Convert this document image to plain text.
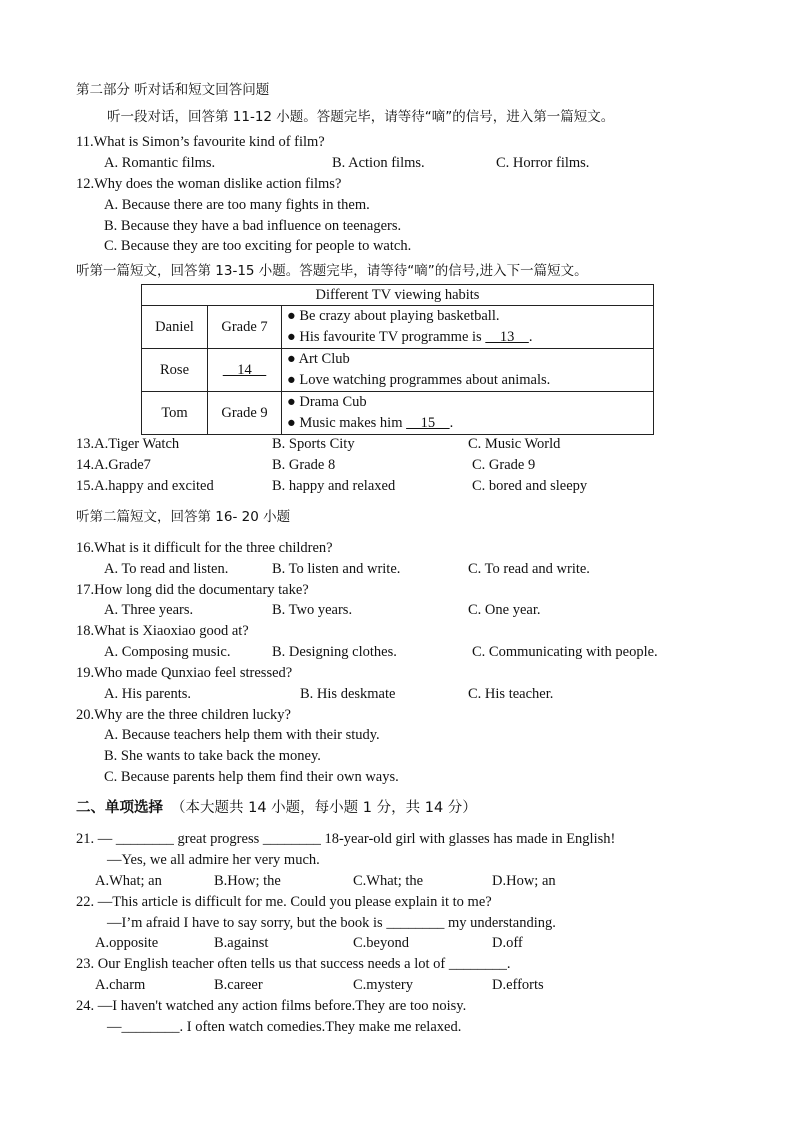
第二部分 听对话和短文回答问题
听一段对话，回答第 11-12 小题。答题完毕，请等待“嘀”的信号，进入第一篇短文。
11.What is Simon’s favourite kind of film?
A. Romantic films.	B. Action films.	C. Horror films.
12.Why does the woman dislike action films?
A. Because there are too many fights in them.
B. Because they have a bad influence on teenagers.
C. Because they are too exciting for people to watch.
听第一篇短文，回答第 13-15 小题。答题完毕，请等待“嘀”的信号,进入下一篇短文。
Different TV viewing habits		
Daniel	Grade 7	● Be crazy about playing basketball.
● His favourite TV programme is     13    .

Rose	14	● Art Club
● Love watching programmes about animals.

Tom	Grade 9	● Drama Cub
● Music makes him     15    .
13.A.Tiger Watch	B. Sports City	C. Music World
14.A.Grade7	B. Grade 8	C. Grade 9
15.A.happy and excited	B. happy and relaxed	C. bored and sleepy
听第二篇短文，回答第 16- 20 小题
16.What is it difficult for the three children?
A. To read and listen.	B. To listen and write.	C. To read and write.
17.How long did the documentary take?
A. Three years.	B. Two years.	C. One year.
18.What is Xiaoxiao good at?
A. Composing music.	B. Designing clothes.	C. Communicating with people.
19.Who made Qunxiao feel stressed?
A. His parents.	B. His deskmate	C. His teacher.
20.Why are the three children lucky?
A. Because teachers help them with their study.
B. She wants to take back the money.
C. Because parents help them find their own ways.
二、单项选择 （本大题共 14 小题，每小题 1 分，共 14 分）
21. — ________ great progress ________ 18-year-old girl with glasses has made in English!
—Yes, we all admire her very much.
A.What; an	B.How; the	C.What; the	D.How; an
22. —This article is difficult for me. Could you please explain it to me?
—I’m afraid I have to say sorry, but the book is ________ my understanding.
A.opposite	B.against	C.beyond	D.off
23. Our English teacher often tells us that success needs a lot of ________.
A.charm	B.career	C.mystery	D.efforts
24. —I haven't watched any action films before.They are too noisy.
—________. I often watch comedies.They make me relaxed.
